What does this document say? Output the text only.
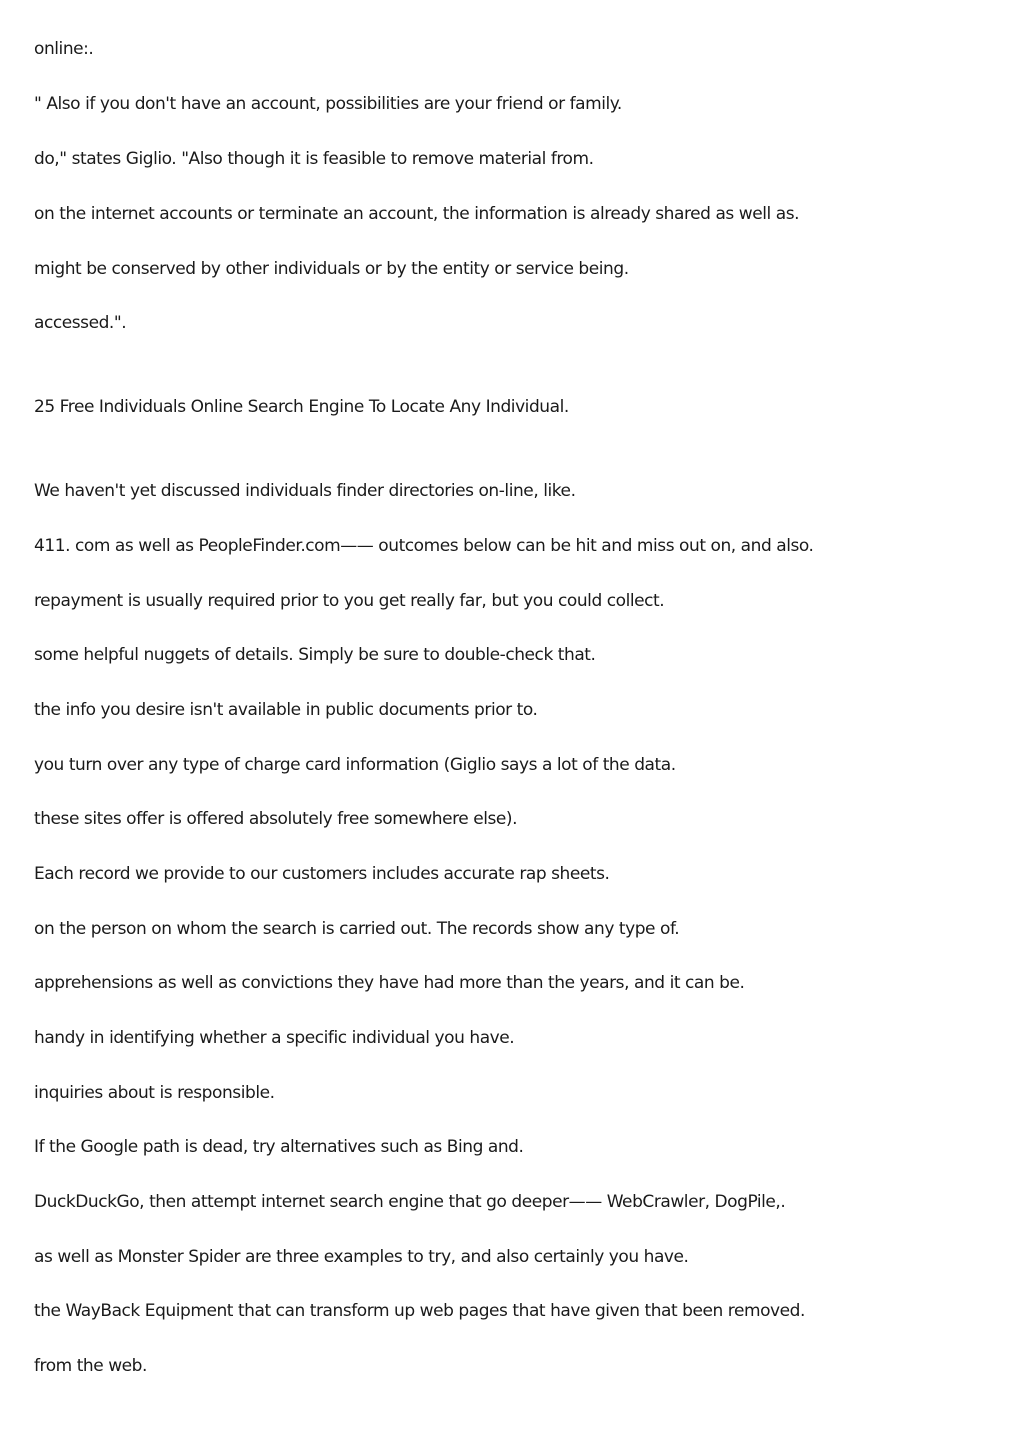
online:.

" Also if you don't have an account, possibilities are your friend or family.

do," states Giglio. "Also though it is feasible to remove material from.

on the internet accounts or terminate an account, the information is already shared as well as.

might be conserved by other individuals or by the entity or service being.

accessed.".

25 Free Individuals Online Search Engine To Locate Any Individual.

We haven't yet discussed individuals finder directories on-line, like.

411. com as well as PeopleFinder.com—— outcomes below can be hit and miss out on, and also.

repayment is usually required prior to you get really far, but you could collect.

some helpful nuggets of details. Simply be sure to double-check that.

the info you desire isn't available in public documents prior to.

you turn over any type of charge card information (Giglio says a lot of the data.

these sites offer is offered absolutely free somewhere else).

Each record we provide to our customers includes accurate rap sheets.

on the person on whom the search is carried out. The records show any type of.

apprehensions as well as convictions they have had more than the years, and it can be.

handy in identifying whether a specific individual you have.

inquiries about is responsible.

If the Google path is dead, try alternatives such as Bing and.

DuckDuckGo, then attempt internet search engine that go deeper—— WebCrawler, DogPile,.

as well as Monster Spider are three examples to try, and also certainly you have.

the WayBack Equipment that can transform up web pages that have given that been removed.

from the web.
